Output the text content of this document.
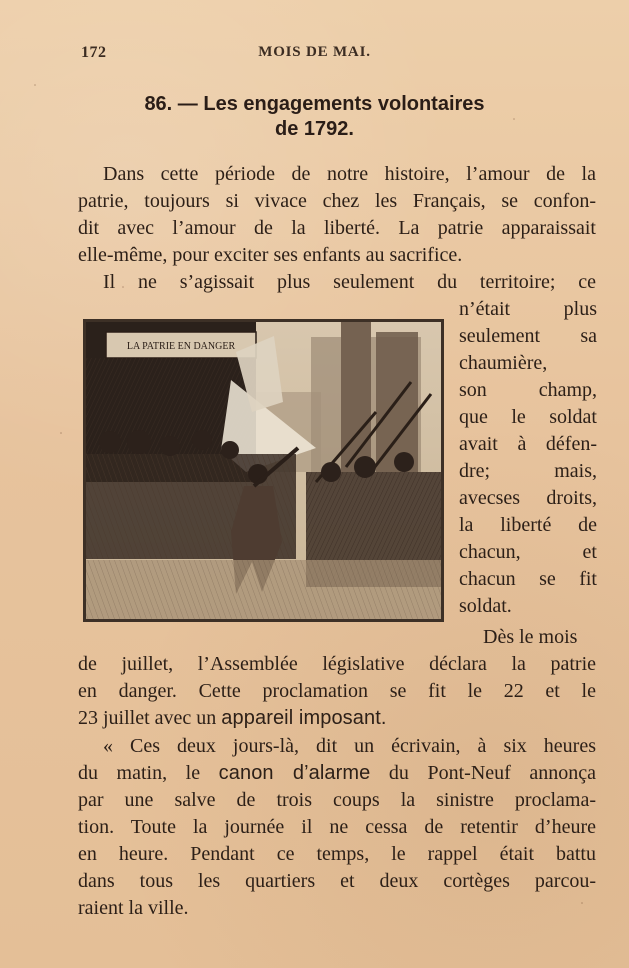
172	MOIS DE MAI.
86. — Les engagements volontaires
de 1792.
Dans cette période de notre histoire, l’amour de la
patrie, toujours si vivace chez les Français, se confon-
dit avec l’amour de la liberté. La patrie apparaissait
elle-même, pour exciter ses enfants au sacrifice.
Il ne s’agissait plus seulement du territoire; ce
LA PATRIE EN DANGER
n’était plus
seulement sa
chaumière,
son champ,
que le soldat
avait à défen-
dre; mais,
avecses droits,
la liberté de
chacun, et
chacun se fit
soldat.
Dès le mois
de juillet, l’Assemblée législative déclara la patrie
en danger. Cette proclamation se fit le 22 et le
23 juillet avec un appareil imposant.
« Ces deux jours-là, dit un écrivain, à six heures
du matin, le canon d’alarme du Pont-Neuf annonça
par une salve de trois coups la sinistre proclama-
tion. Toute la journée il ne cessa de retentir d’heure
en heure. Pendant ce temps, le rappel était battu
dans tous les quartiers et deux cortèges parcou-
raient la ville.
